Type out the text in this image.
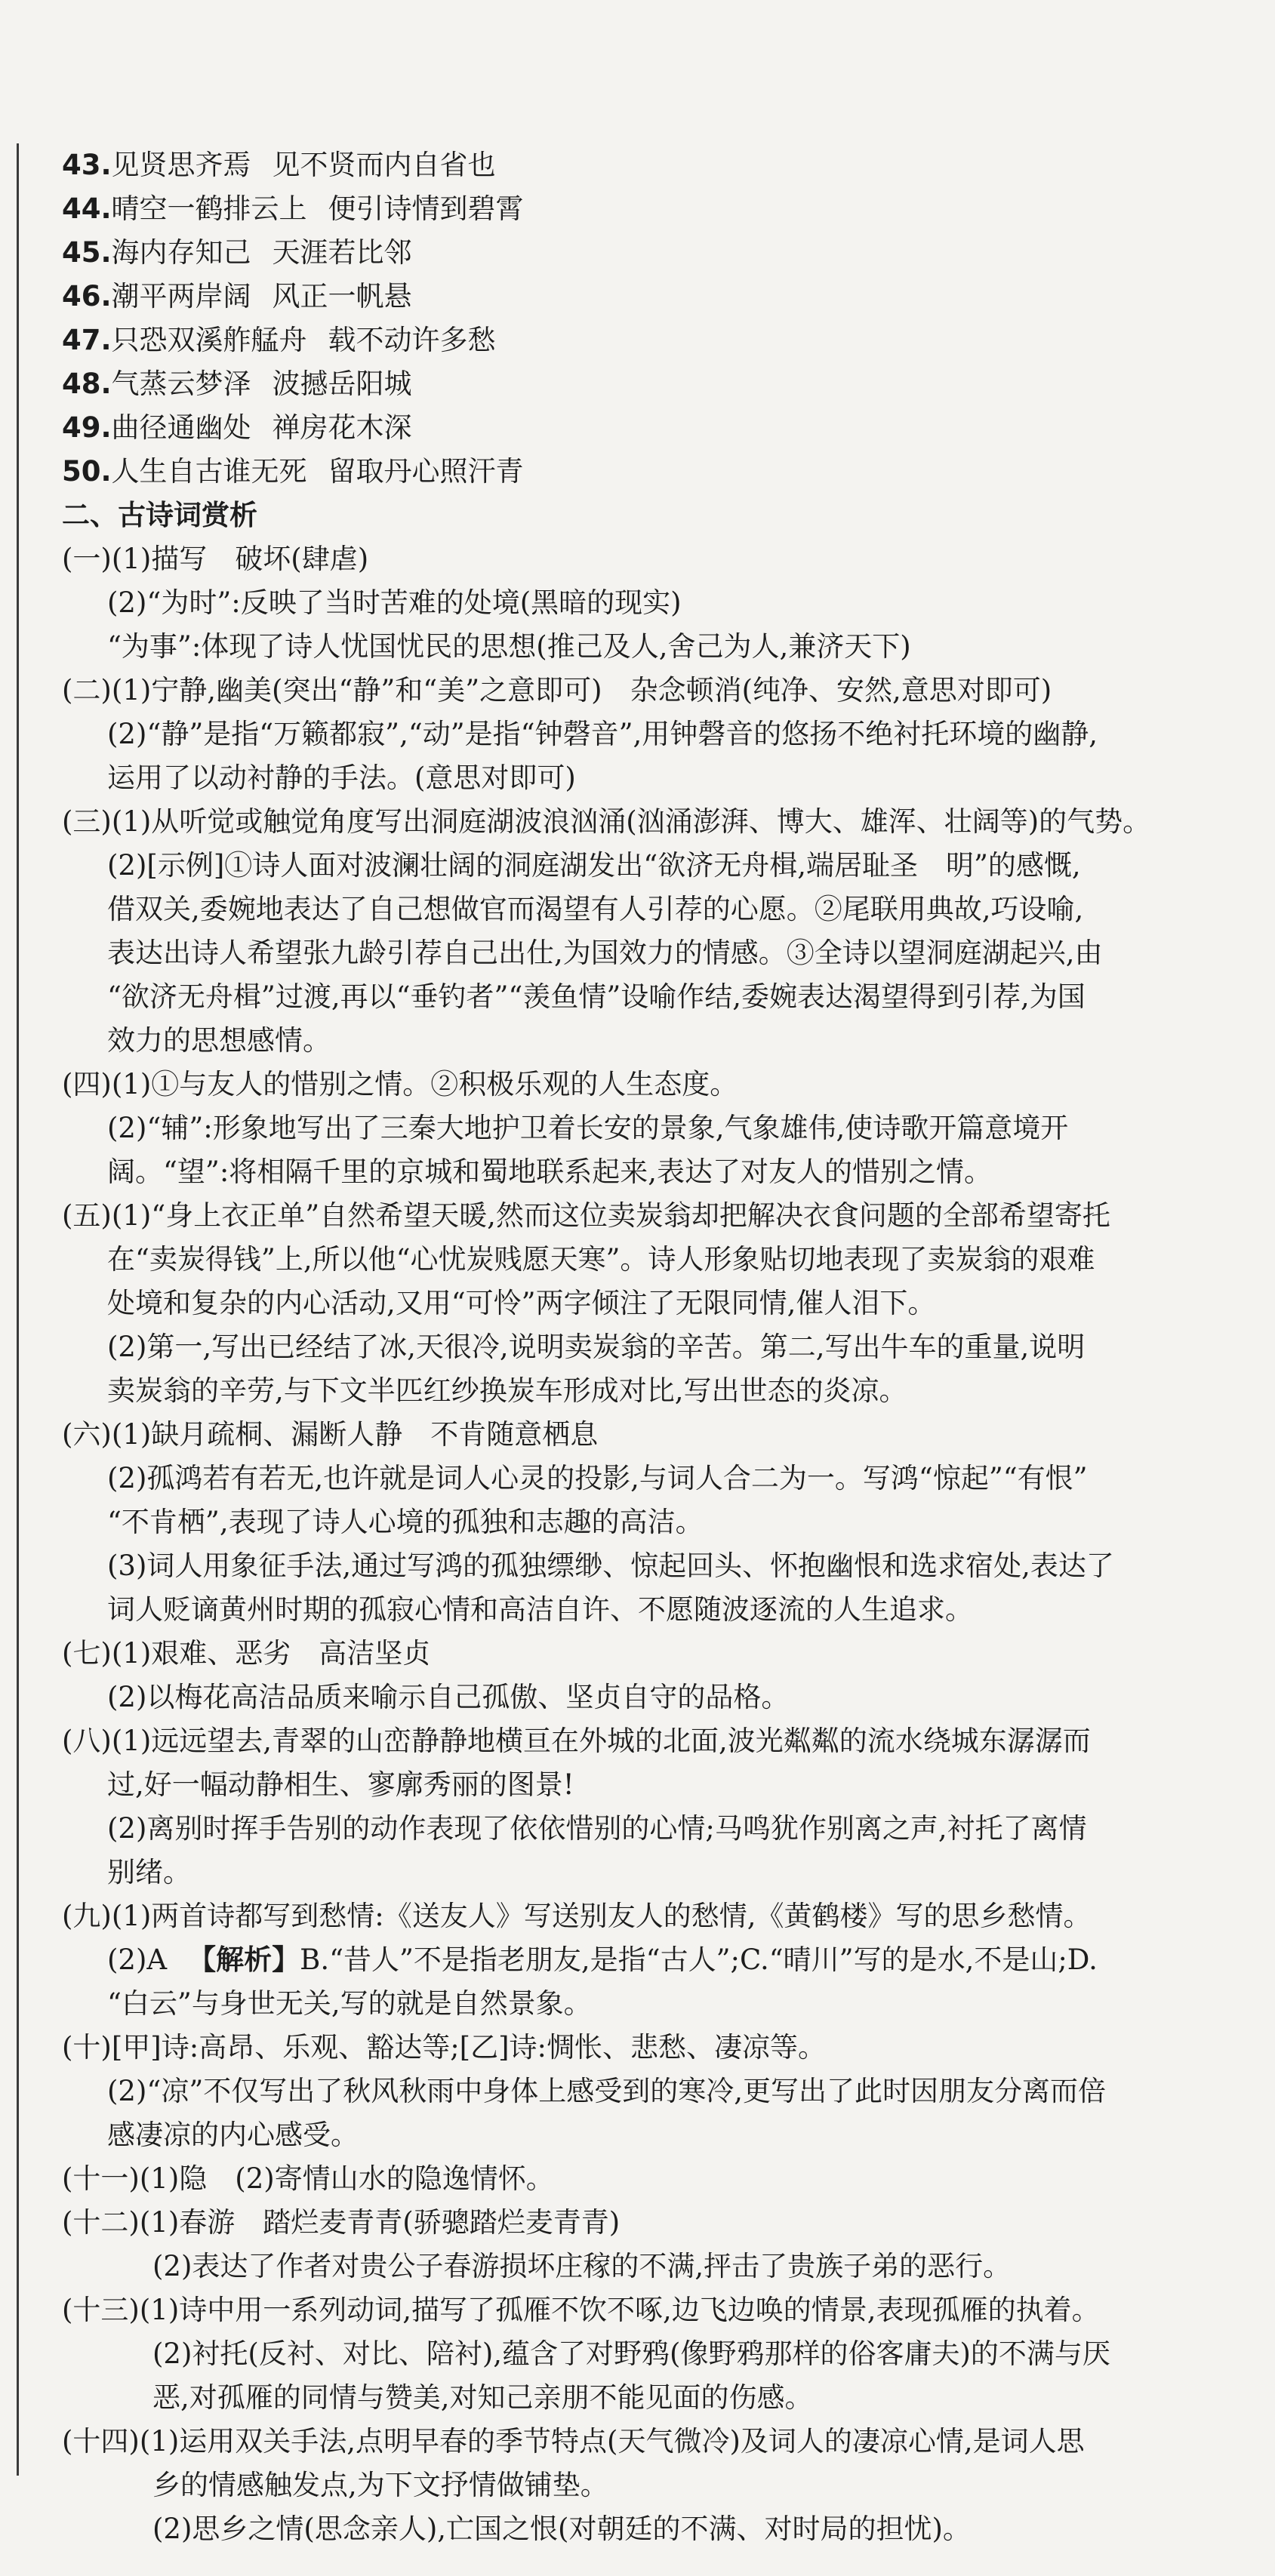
43.见贤思齐焉 见不贤而内自省也
44.晴空一鹤排云上 便引诗情到碧霄
45.海内存知己 天涯若比邻
46.潮平两岸阔 风正一帆悬
47.只恐双溪舴艋舟 载不动许多愁
48.气蒸云梦泽 波撼岳阳城
49.曲径通幽处 禅房花木深
50.人生自古谁无死 留取丹心照汗青
二、古诗词赏析
(一)(1)描写　破坏(肆虐)
(2)“为时”:反映了当时苦难的处境(黑暗的现实)
“为事”:体现了诗人忧国忧民的思想(推己及人,舍己为人,兼济天下)
(二)(1)宁静,幽美(突出“静”和“美”之意即可)　杂念顿消(纯净、安然,意思对即可)
(2)“静”是指“万籁都寂”,“动”是指“钟磬音”,用钟磬音的悠扬不绝衬托环境的幽静,
运用了以动衬静的手法。(意思对即可)
(三)(1)从听觉或触觉角度写出洞庭湖波浪汹涌(汹涌澎湃、博大、雄浑、壮阔等)的气势。
(2)[示例]①诗人面对波澜壮阔的洞庭湖发出“欲济无舟楫,端居耻圣　明”的感慨,
借双关,委婉地表达了自己想做官而渴望有人引荐的心愿。②尾联用典故,巧设喻,
表达出诗人希望张九龄引荐自己出仕,为国效力的情感。③全诗以望洞庭湖起兴,由
“欲济无舟楫”过渡,再以“垂钓者”“羡鱼情”设喻作结,委婉表达渴望得到引荐,为国
效力的思想感情。
(四)(1)①与友人的惜别之情。②积极乐观的人生态度。
(2)“辅”:形象地写出了三秦大地护卫着长安的景象,气象雄伟,使诗歌开篇意境开
阔。“望”:将相隔千里的京城和蜀地联系起来,表达了对友人的惜别之情。
(五)(1)“身上衣正单”自然希望天暖,然而这位卖炭翁却把解决衣食问题的全部希望寄托
在“卖炭得钱”上,所以他“心忧炭贱愿天寒”。诗人形象贴切地表现了卖炭翁的艰难
处境和复杂的内心活动,又用“可怜”两字倾注了无限同情,催人泪下。
(2)第一,写出已经结了冰,天很冷,说明卖炭翁的辛苦。第二,写出牛车的重量,说明
卖炭翁的辛劳,与下文半匹红纱换炭车形成对比,写出世态的炎凉。
(六)(1)缺月疏桐、漏断人静　不肯随意栖息
(2)孤鸿若有若无,也许就是词人心灵的投影,与词人合二为一。写鸿“惊起”“有恨”
“不肯栖”,表现了诗人心境的孤独和志趣的高洁。
(3)词人用象征手法,通过写鸿的孤独缥缈、惊起回头、怀抱幽恨和选求宿处,表达了
词人贬谪黄州时期的孤寂心情和高洁自许、不愿随波逐流的人生追求。
(七)(1)艰难、恶劣　高洁坚贞
(2)以梅花高洁品质来喻示自己孤傲、坚贞自守的品格。
(八)(1)远远望去,青翠的山峦静静地横亘在外城的北面,波光粼粼的流水绕城东潺潺而
过,好一幅动静相生、寥廓秀丽的图景!
(2)离别时挥手告别的动作表现了依依惜别的心情;马鸣犹作别离之声,衬托了离情
别绪。
(九)(1)两首诗都写到愁情:《送友人》写送别友人的愁情,《黄鹤楼》写的思乡愁情。
(2)A 【解析】B.“昔人”不是指老朋友,是指“古人”;C.“晴川”写的是水,不是山;D.
“白云”与身世无关,写的就是自然景象。
(十)[甲]诗:高昂、乐观、豁达等;[乙]诗:惆怅、悲愁、凄凉等。
(2)“凉”不仅写出了秋风秋雨中身体上感受到的寒冷,更写出了此时因朋友分离而倍
感凄凉的内心感受。
(十一)(1)隐　(2)寄情山水的隐逸情怀。
(十二)(1)春游　踏烂麦青青(骄骢踏烂麦青青)
(2)表达了作者对贵公子春游损坏庄稼的不满,抨击了贵族子弟的恶行。
(十三)(1)诗中用一系列动词,描写了孤雁不饮不啄,边飞边唤的情景,表现孤雁的执着。
(2)衬托(反衬、对比、陪衬),蕴含了对野鸦(像野鸦那样的俗客庸夫)的不满与厌
恶,对孤雁的同情与赞美,对知己亲朋不能见面的伤感。
(十四)(1)运用双关手法,点明早春的季节特点(天气微冷)及词人的凄凉心情,是词人思
乡的情感触发点,为下文抒情做铺垫。
(2)思乡之情(思念亲人),亡国之恨(对朝廷的不满、对时局的担忧)。
